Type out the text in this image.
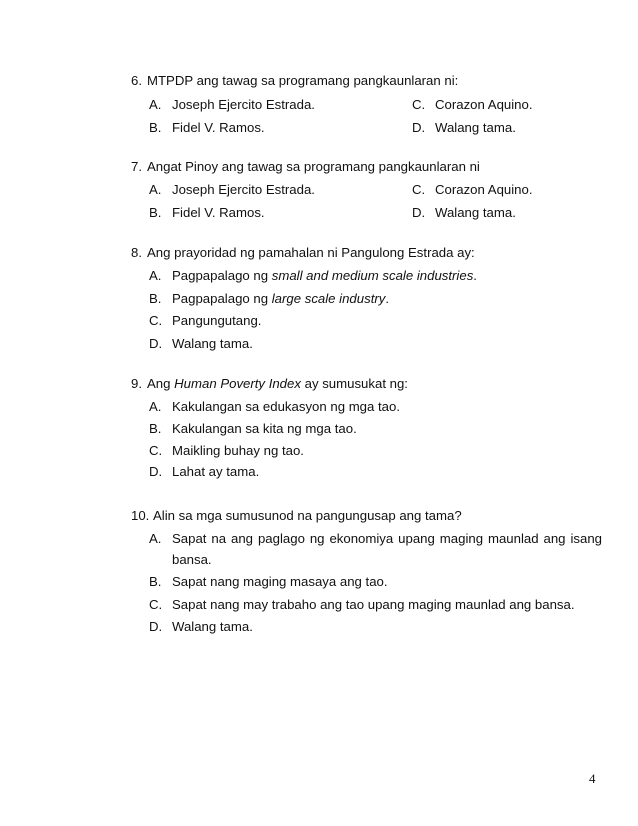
6. MTPDP ang tawag sa programang pangkaunlaran ni:
A. Joseph Ejercito Estrada.
B. Fidel V. Ramos.
C. Corazon Aquino.
D. Walang tama.
7. Angat Pinoy ang tawag sa programang pangkaunlaran ni
A. Joseph Ejercito Estrada.
B. Fidel V. Ramos.
C. Corazon Aquino.
D. Walang tama.
8. Ang prayoridad ng pamahalan ni Pangulong Estrada ay:
A. Pagpapalago ng small and medium scale industries.
B. Pagpapalago ng large scale industry.
C. Pangungutang.
D. Walang tama.
9. Ang Human Poverty Index ay sumusukat ng:
A. Kakulangan sa edukasyon ng mga tao.
B. Kakulangan sa kita ng mga tao.
C. Maikling buhay ng tao.
D. Lahat ay tama.
10. Alin sa mga sumusunod na pangungusap ang tama?
A. Sapat na ang paglago ng ekonomiya upang maging maunlad ang isang
bansa.
B. Sapat nang maging masaya ang tao.
C. Sapat nang may trabaho ang tao upang maging maunlad ang bansa.
D. Walang tama.
4
